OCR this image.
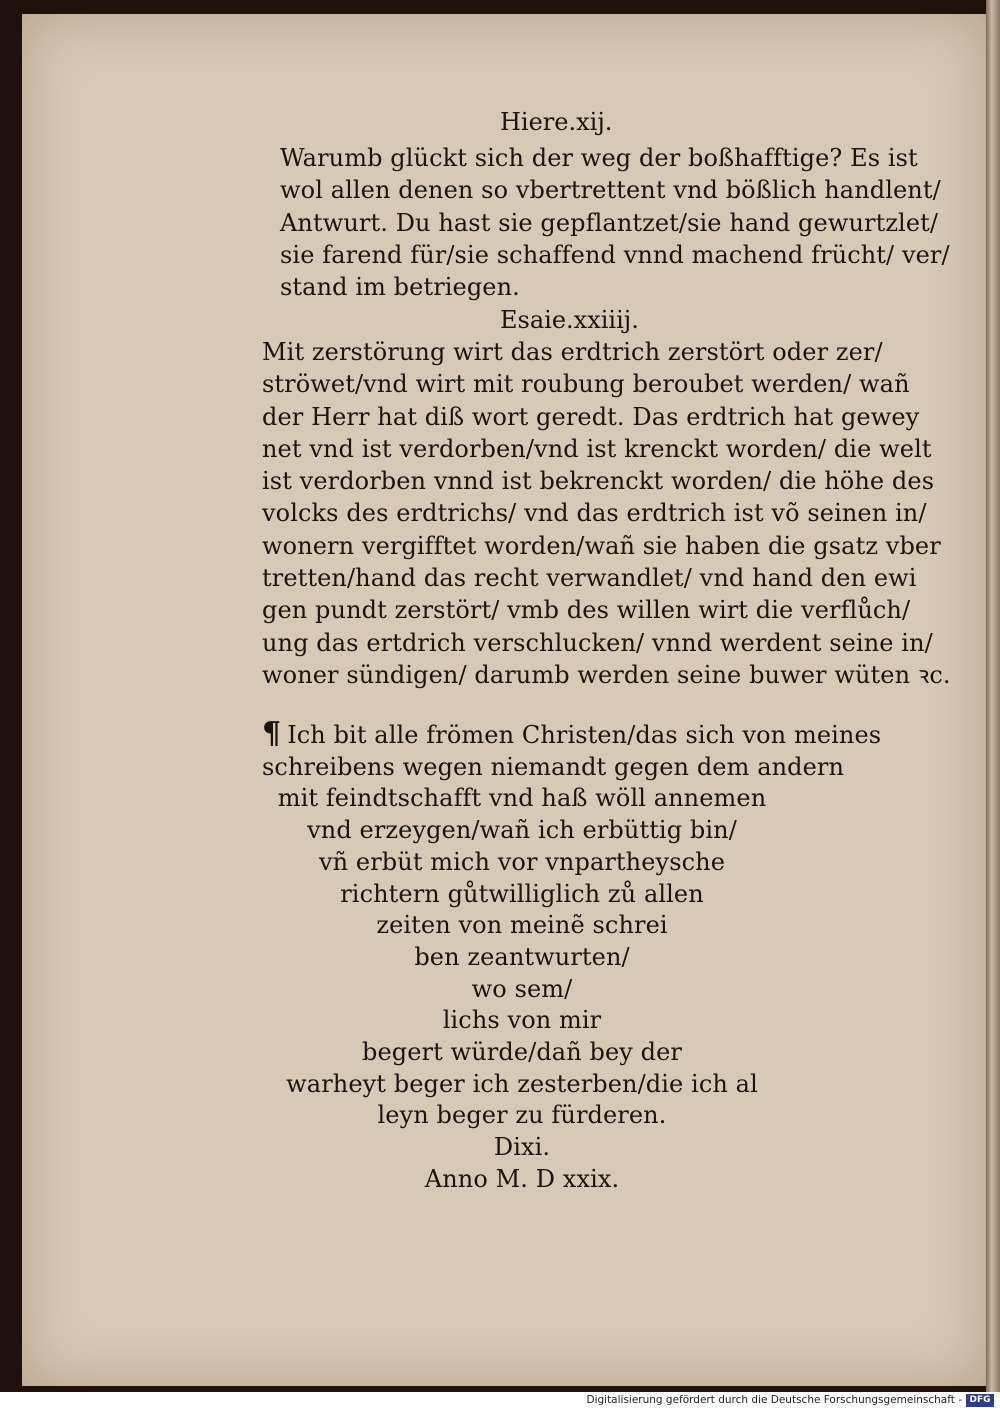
Hiere.xij.
Warumb glückt sich der weg der boßhafftige? Es ist
wol allen denen so vbertrettent vnd bößlich handlent/
Antwurt. Du hast sie gepflantzet/sie hand gewurtzlet/
sie farend für/sie schaffend vnnd machend frücht/ ver/
stand im betriegen.
Esaie.xxiiij.
Mit zerstörung wirt das erdtrich zerstört oder zer/
ströwet/vnd wirt mit roubung beroubet werden/ wañ
der Herr hat diß wort geredt. Das erdtrich hat gewey
net vnd ist verdorben/vnd ist krenckt worden/ die welt
ist verdorben vnnd ist bekrenckt worden/ die höhe des
volcks des erdtrichs/ vnd das erdtrich ist võ seinen in/
wonern vergifftet worden/wañ sie haben die gsatz vber
tretten/hand das recht verwandlet/ vnd hand den ewi
gen pundt zerstört/ vmb des willen wirt die verflůch/
ung das ertdrich verschlucken/ vnnd werdent seine in/
woner sündigen/ darumb werden seine buwer wüten ꝛc.
¶ Ich bit alle frömen Christen/das sich von meines
schreibens wegen niemandt gegen dem andern
mit feindtschafft vnd haß wöll annemen
vnd erzeygen/wañ ich erbüttig bin/
vñ erbüt mich vor vnpartheysche
richtern gůtwilliglich zů allen
zeiten von meinẽ schrei
ben zeantwurten/
wo sem/
lichs von mir
begert würde/dañ bey der
warheyt beger ich zesterben/die ich al
leyn beger zu fürderen.
Dixi.
Anno M. D xxix.
Digitalisierung gefördert durch die Deutsche Forschungsgemeinschaft - DFG
